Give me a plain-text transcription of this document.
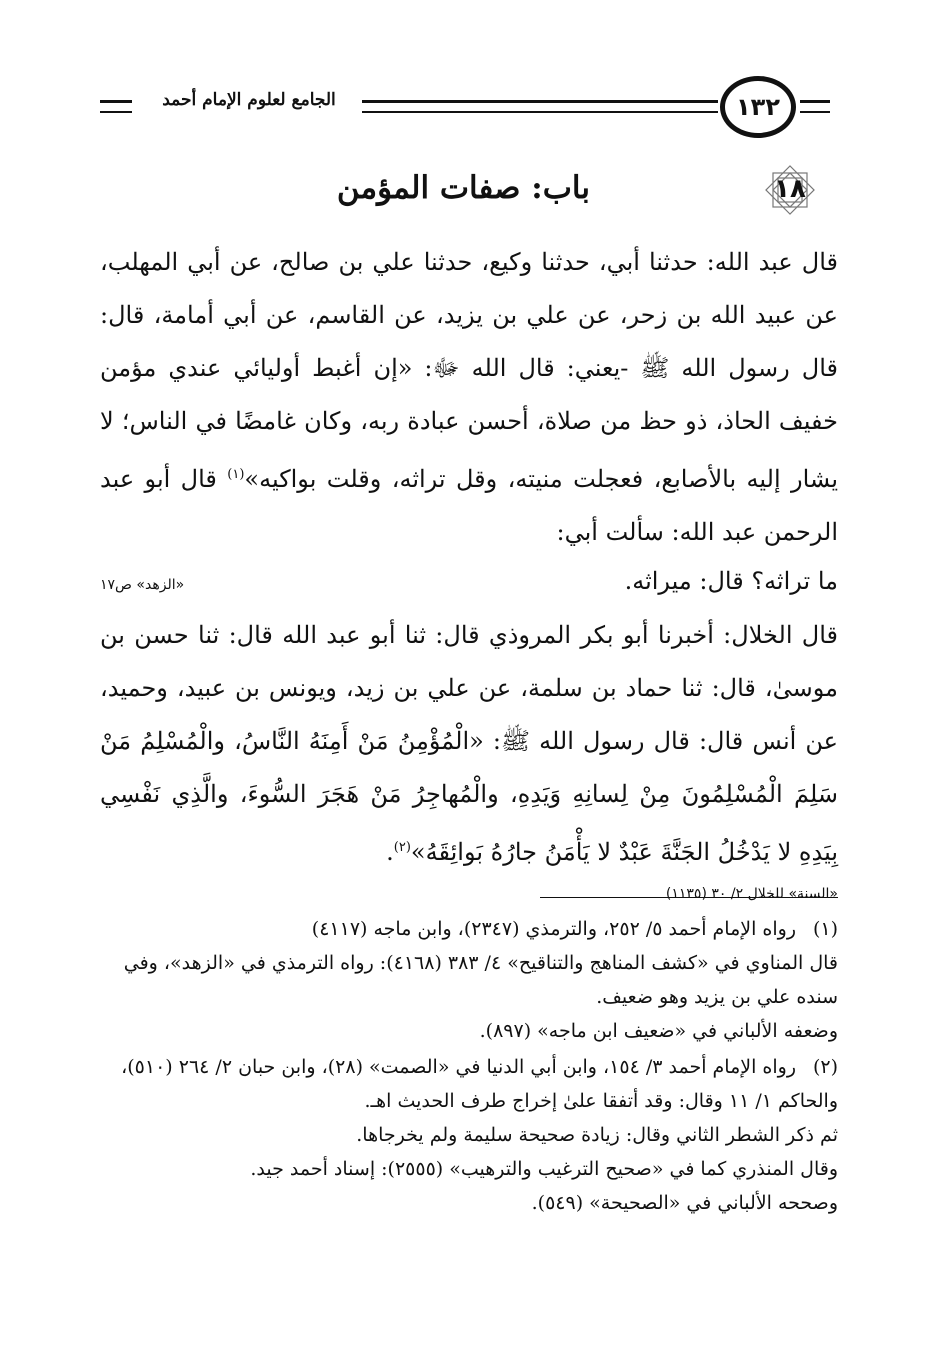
الجامع لعلوم الإمام أحمد	١٣٢
باب: صفات المؤمن	١٨

قال عبد الله: حدثنا أبي، حدثنا وكيع، حدثنا علي بن صالح، عن أبي المهلب، عن عبيد الله بن زحر، عن علي بن يزيد، عن القاسم، عن أبي أمامة، قال: قال رسول الله ﷺ -يعني: قال الله ﷻ: «إن أغبط أوليائي عندي مؤمن خفيف الحاذ، ذو حظ من صلاة، أحسن عبادة ربه، وكان غامضًا في الناس؛ لا يشار إليه بالأصابع، فعجلت منيته، وقل تراثه، وقلت بواكيه»$^{(١)}$ قال أبو عبد الرحمن عبد الله: سألت أبي:

ما تراثه؟ قال: ميراثه.
«الزهد» ص١٧

قال الخلال: أخبرنا أبو بكر المروذي قال: ثنا أبو عبد الله قال: ثنا حسن بن موسىٰ، قال: ثنا حماد بن سلمة، عن علي بن زيد، ويونس بن عبيد، وحميد، عن أنس قال: قال رسول الله ﷺ: «الْمُؤْمِنُ مَنْ أَمِنَهُ النَّاسُ، والْمُسْلِمُ مَنْ سَلِمَ الْمُسْلِمُونَ مِنْ لِسانِهِ وَيَدِهِ، والْمُهاجِرُ مَنْ هَجَرَ السُّوءَ، والَّذِي نَفْسِي بِيَدِهِ لا يَدْخُلُ الجَنَّةَ عَبْدٌ لا يَأْمَنُ جارُهُ بَوائِقَهُ»$^{(٢)}$.

«السنة» للخلال ٢/ ٣٠ (١١٣٥)

(١)رواه الإمام أحمد ٥/ ٢٥٢، والترمذي (٢٣٤٧)، وابن ماجه (٤١١٧)
قال المناوي في «كشف المناهج والتناقيح» ٤/ ٣٨٣ (٤١٦٨): رواه الترمذي في «الزهد»، وفي سنده علي بن يزيد وهو ضعيف.
وضعفه الألباني في «ضعيف ابن ماجه» (٨٩٧).

(٢)رواه الإمام أحمد ٣/ ١٥٤، وابن أبي الدنيا في «الصمت» (٢٨)، وابن حبان ٢/ ٢٦٤ (٥١٠)، والحاكم ١/ ١١ وقال: وقد أتفقا علىٰ إخراج طرف الحديث اهـ.
ثم ذكر الشطر الثاني وقال: زيادة صحيحة سليمة ولم يخرجاها.
وقال المنذري كما في «صحيح الترغيب والترهيب» (٢٥٥٥): إسناد أحمد جيد.
وصححه الألباني في «الصحيحة» (٥٤٩).
